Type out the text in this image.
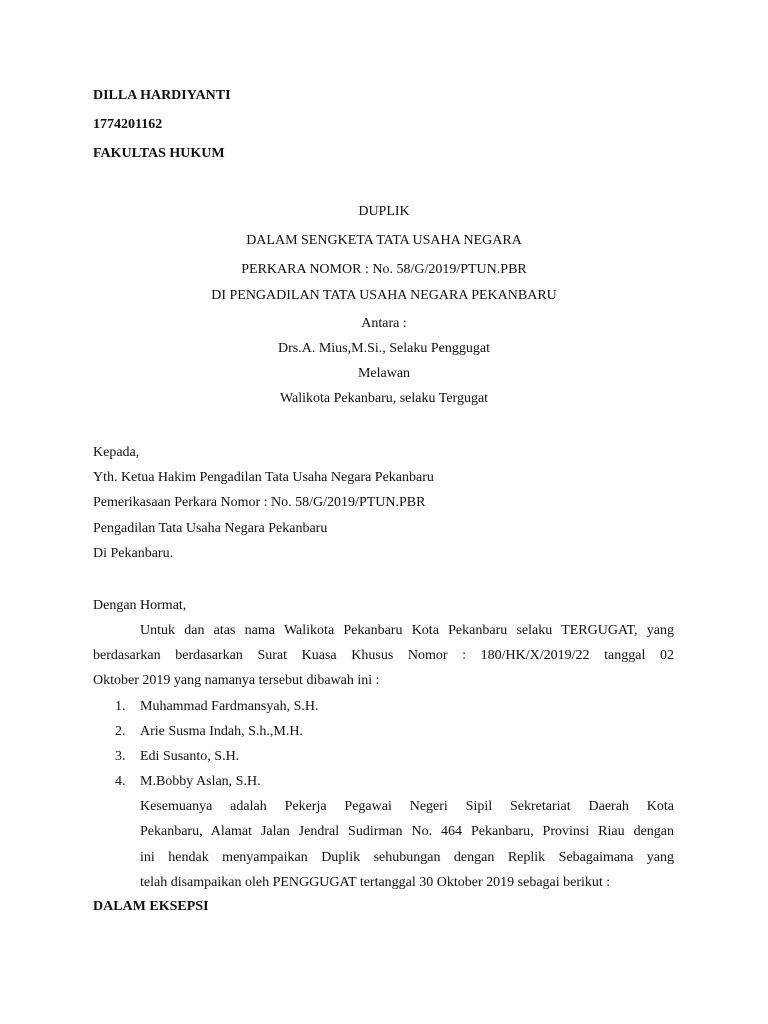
DILLA HARDIYANTI
1774201162
FAKULTAS HUKUM
DUPLIK
DALAM SENGKETA TATA USAHA NEGARA
PERKARA NOMOR : No. 58/G/2019/PTUN.PBR
DI PENGADILAN TATA USAHA NEGARA PEKANBARU
Antara :
Drs.A. Mius,M.Si., Selaku Penggugat
Melawan
Walikota Pekanbaru, selaku Tergugat
Kepada,
Yth. Ketua Hakim Pengadilan Tata Usaha Negara Pekanbaru
Pemerikasaan Perkara Nomor : No. 58/G/2019/PTUN.PBR
Pengadilan Tata Usaha Negara Pekanbaru
Di Pekanbaru.
Dengan Hormat,
Untuk dan atas nama Walikota Pekanbaru Kota Pekanbaru selaku TERGUGAT, yang
berdasarkan berdasarkan Surat Kuasa Khusus Nomor : 180/HK/X/2019/22 tanggal 02
Oktober 2019 yang namanya tersebut dibawah ini :
1. Muhammad Fardmansyah, S.H.
2. Arie Susma Indah, S.h.,M.H.
3. Edi Susanto, S.H.
4. M.Bobby Aslan, S.H.
Kesemuanya adalah Pekerja Pegawai Negeri Sipil Sekretariat Daerah Kota
Pekanbaru, Alamat Jalan Jendral Sudirman No. 464 Pekanbaru, Provinsi Riau dengan
ini hendak menyampaikan Duplik sehubungan dengan Replik Sebagaimana yang
telah disampaikan oleh PENGGUGAT tertanggal 30 Oktober 2019 sebagai berikut :
DALAM EKSEPSI
